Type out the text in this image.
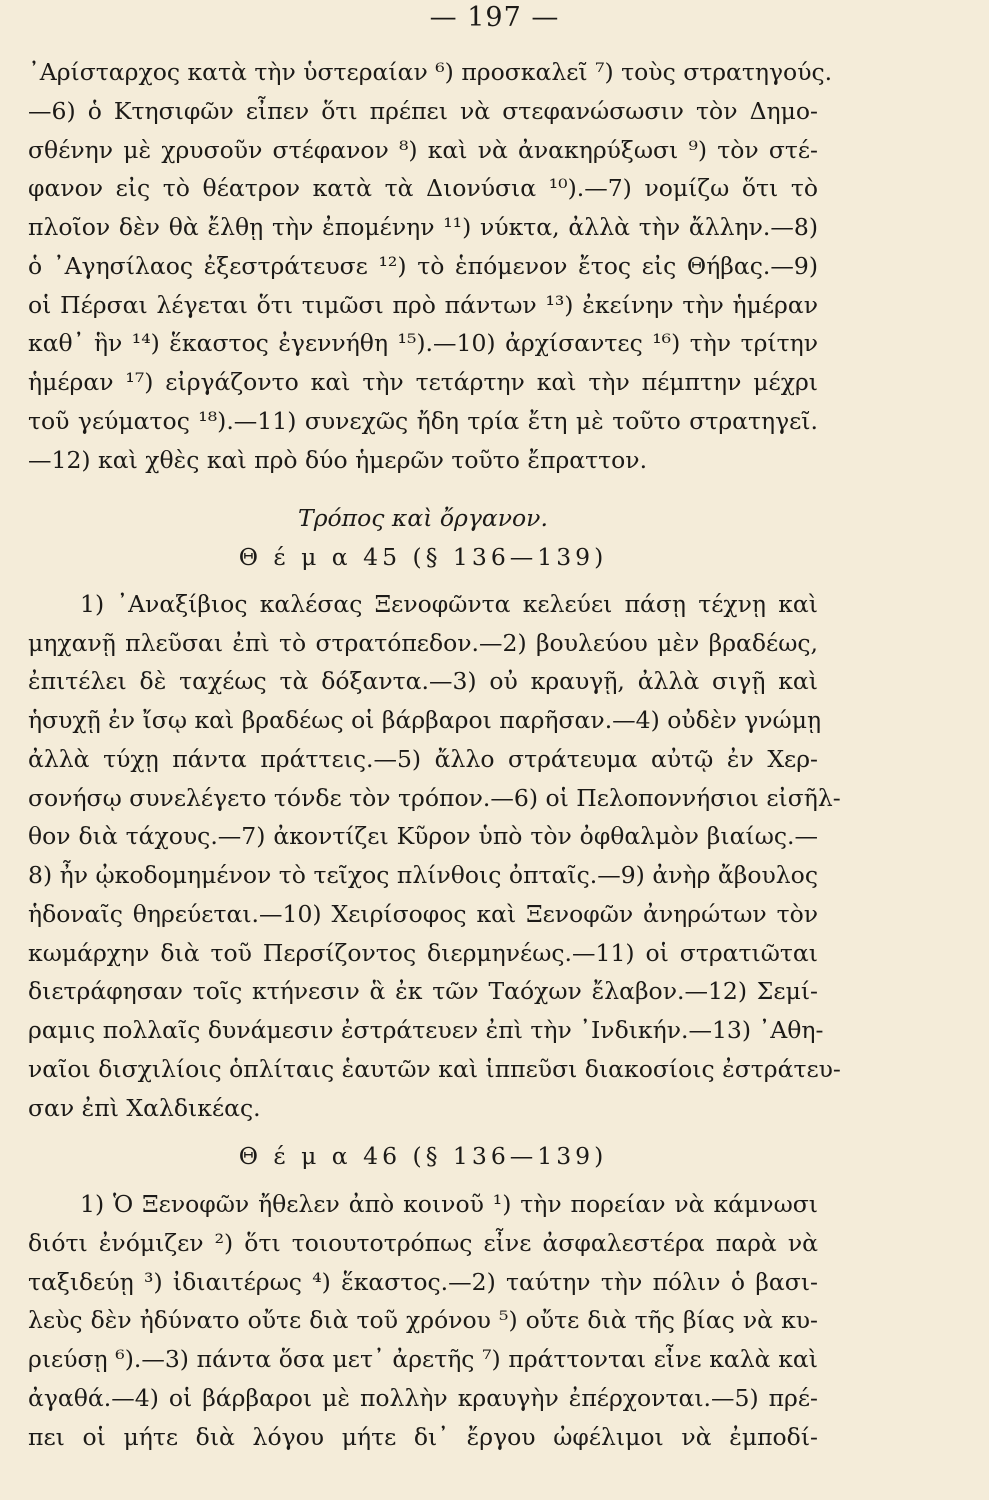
— 197 —
᾿Αρίσταρχος κατὰ τὴν ὑστεραίαν ⁶) προσκαλεῖ ⁷) τοὺς στρατηγούς.
—6) ὁ Κτησιφῶν εἶπεν ὅτι πρέπει νὰ στεφανώσωσιν τὸν Δημο-
σθένην μὲ χρυσοῦν στέφανον ⁸) καὶ νὰ ἀνακηρύξωσι ⁹) τὸν στέ-
φανον εἰς τὸ θέατρον κατὰ τὰ Διονύσια ¹⁰).—7) νομίζω ὅτι τὸ
πλοῖον δὲν θὰ ἔλθῃ τὴν ἐπομένην ¹¹) νύκτα, ἀλλὰ τὴν ἄλλην.—8)
ὁ ᾿Αγησίλαος ἐξεστράτευσε ¹²) τὸ ἑπόμενον ἔτος εἰς Θήβας.—9)
οἱ Πέρσαι λέγεται ὅτι τιμῶσι πρὸ πάντων ¹³) ἐκείνην τὴν ἡμέραν
καθ᾿ ἣν ¹⁴) ἕκαστος ἐγεννήθη ¹⁵).—10) ἀρχίσαντες ¹⁶) τὴν τρίτην
ἡμέραν ¹⁷) εἰργάζοντο καὶ τὴν τετάρτην καὶ τὴν πέμπτην μέχρι
τοῦ γεύματος ¹⁸).—11) συνεχῶς ἤδη τρία ἔτη μὲ τοῦτο στρατηγεῖ.
—12) καὶ χθὲς καὶ πρὸ δύο ἡμερῶν τοῦτο ἔπραττον.
Τρόπος καὶ ὄργανον.
Θ έ μ α 45 (§ 136—139)
1) ᾿Αναξίβιος καλέσας Ξενοφῶντα κελεύει πάσῃ τέχνῃ καὶ
μηχανῇ πλεῦσαι ἐπὶ τὸ στρατόπεδον.—2) βουλεύου μὲν βραδέως,
ἐπιτέλει δὲ ταχέως τὰ δόξαντα.—3) οὐ κραυγῇ, ἀλλὰ σιγῇ καὶ
ἡσυχῇ ἐν ἴσῳ καὶ βραδέως οἱ βάρβαροι παρῆσαν.—4) οὐδὲν γνώμῃ
ἀλλὰ τύχῃ πάντα πράττεις.—5) ἄλλο στράτευμα αὐτῷ ἐν Χερ-
σονήσῳ συνελέγετο τόνδε τὸν τρόπον.—6) οἱ Πελοποννήσιοι εἰσῆλ-
θον διὰ τάχους.—7) ἀκοντίζει Κῦρον ὑπὸ τὸν ὀφθαλμὸν βιαίως.—
8) ἦν ᾠκοδομημένον τὸ τεῖχος πλίνθοις ὀπταῖς.—9) ἀνὴρ ἄβουλος
ἡδοναῖς θηρεύεται.—10) Χειρίσοφος καὶ Ξενοφῶν ἀνηρώτων τὸν
κωμάρχην διὰ τοῦ Περσίζοντος διερμηνέως.—11) οἱ στρατιῶται
διετράφησαν τοῖς κτήνεσιν ἃ ἐκ τῶν Ταόχων ἔλαβον.—12) Σεμί-
ραμις πολλαῖς δυνάμεσιν ἐστράτευεν ἐπὶ τὴν ᾿Ινδικήν.—13) ᾿Αθη-
ναῖοι δισχιλίοις ὁπλίταις ἑαυτῶν καὶ ἱππεῦσι διακοσίοις ἐστράτευ-
σαν ἐπὶ Χαλδικέας.
Θ έ μ α 46 (§ 136—139)
1) Ὁ Ξενοφῶν ἤθελεν ἀπὸ κοινοῦ ¹) τὴν πορείαν νὰ κάμνωσι
διότι ἐνόμιζεν ²) ὅτι τοιουτοτρόπως εἶνε ἀσφαλεστέρα παρὰ νὰ
ταξιδεύῃ ³) ἰδιαιτέρως ⁴) ἕκαστος.—2) ταύτην τὴν πόλιν ὁ βασι-
λεὺς δὲν ἠδύνατο οὔτε διὰ τοῦ χρόνου ⁵) οὔτε διὰ τῆς βίας νὰ κυ-
ριεύσῃ ⁶).—3) πάντα ὅσα μετ᾿ ἀρετῆς ⁷) πράττονται εἶνε καλὰ καὶ
ἀγαθά.—4) οἱ βάρβαροι μὲ πολλὴν κραυγὴν ἐπέρχονται.—5) πρέ-
πει οἱ μήτε διὰ λόγου μήτε δι᾿ ἔργου ὠφέλιμοι νὰ ἐμποδί-
